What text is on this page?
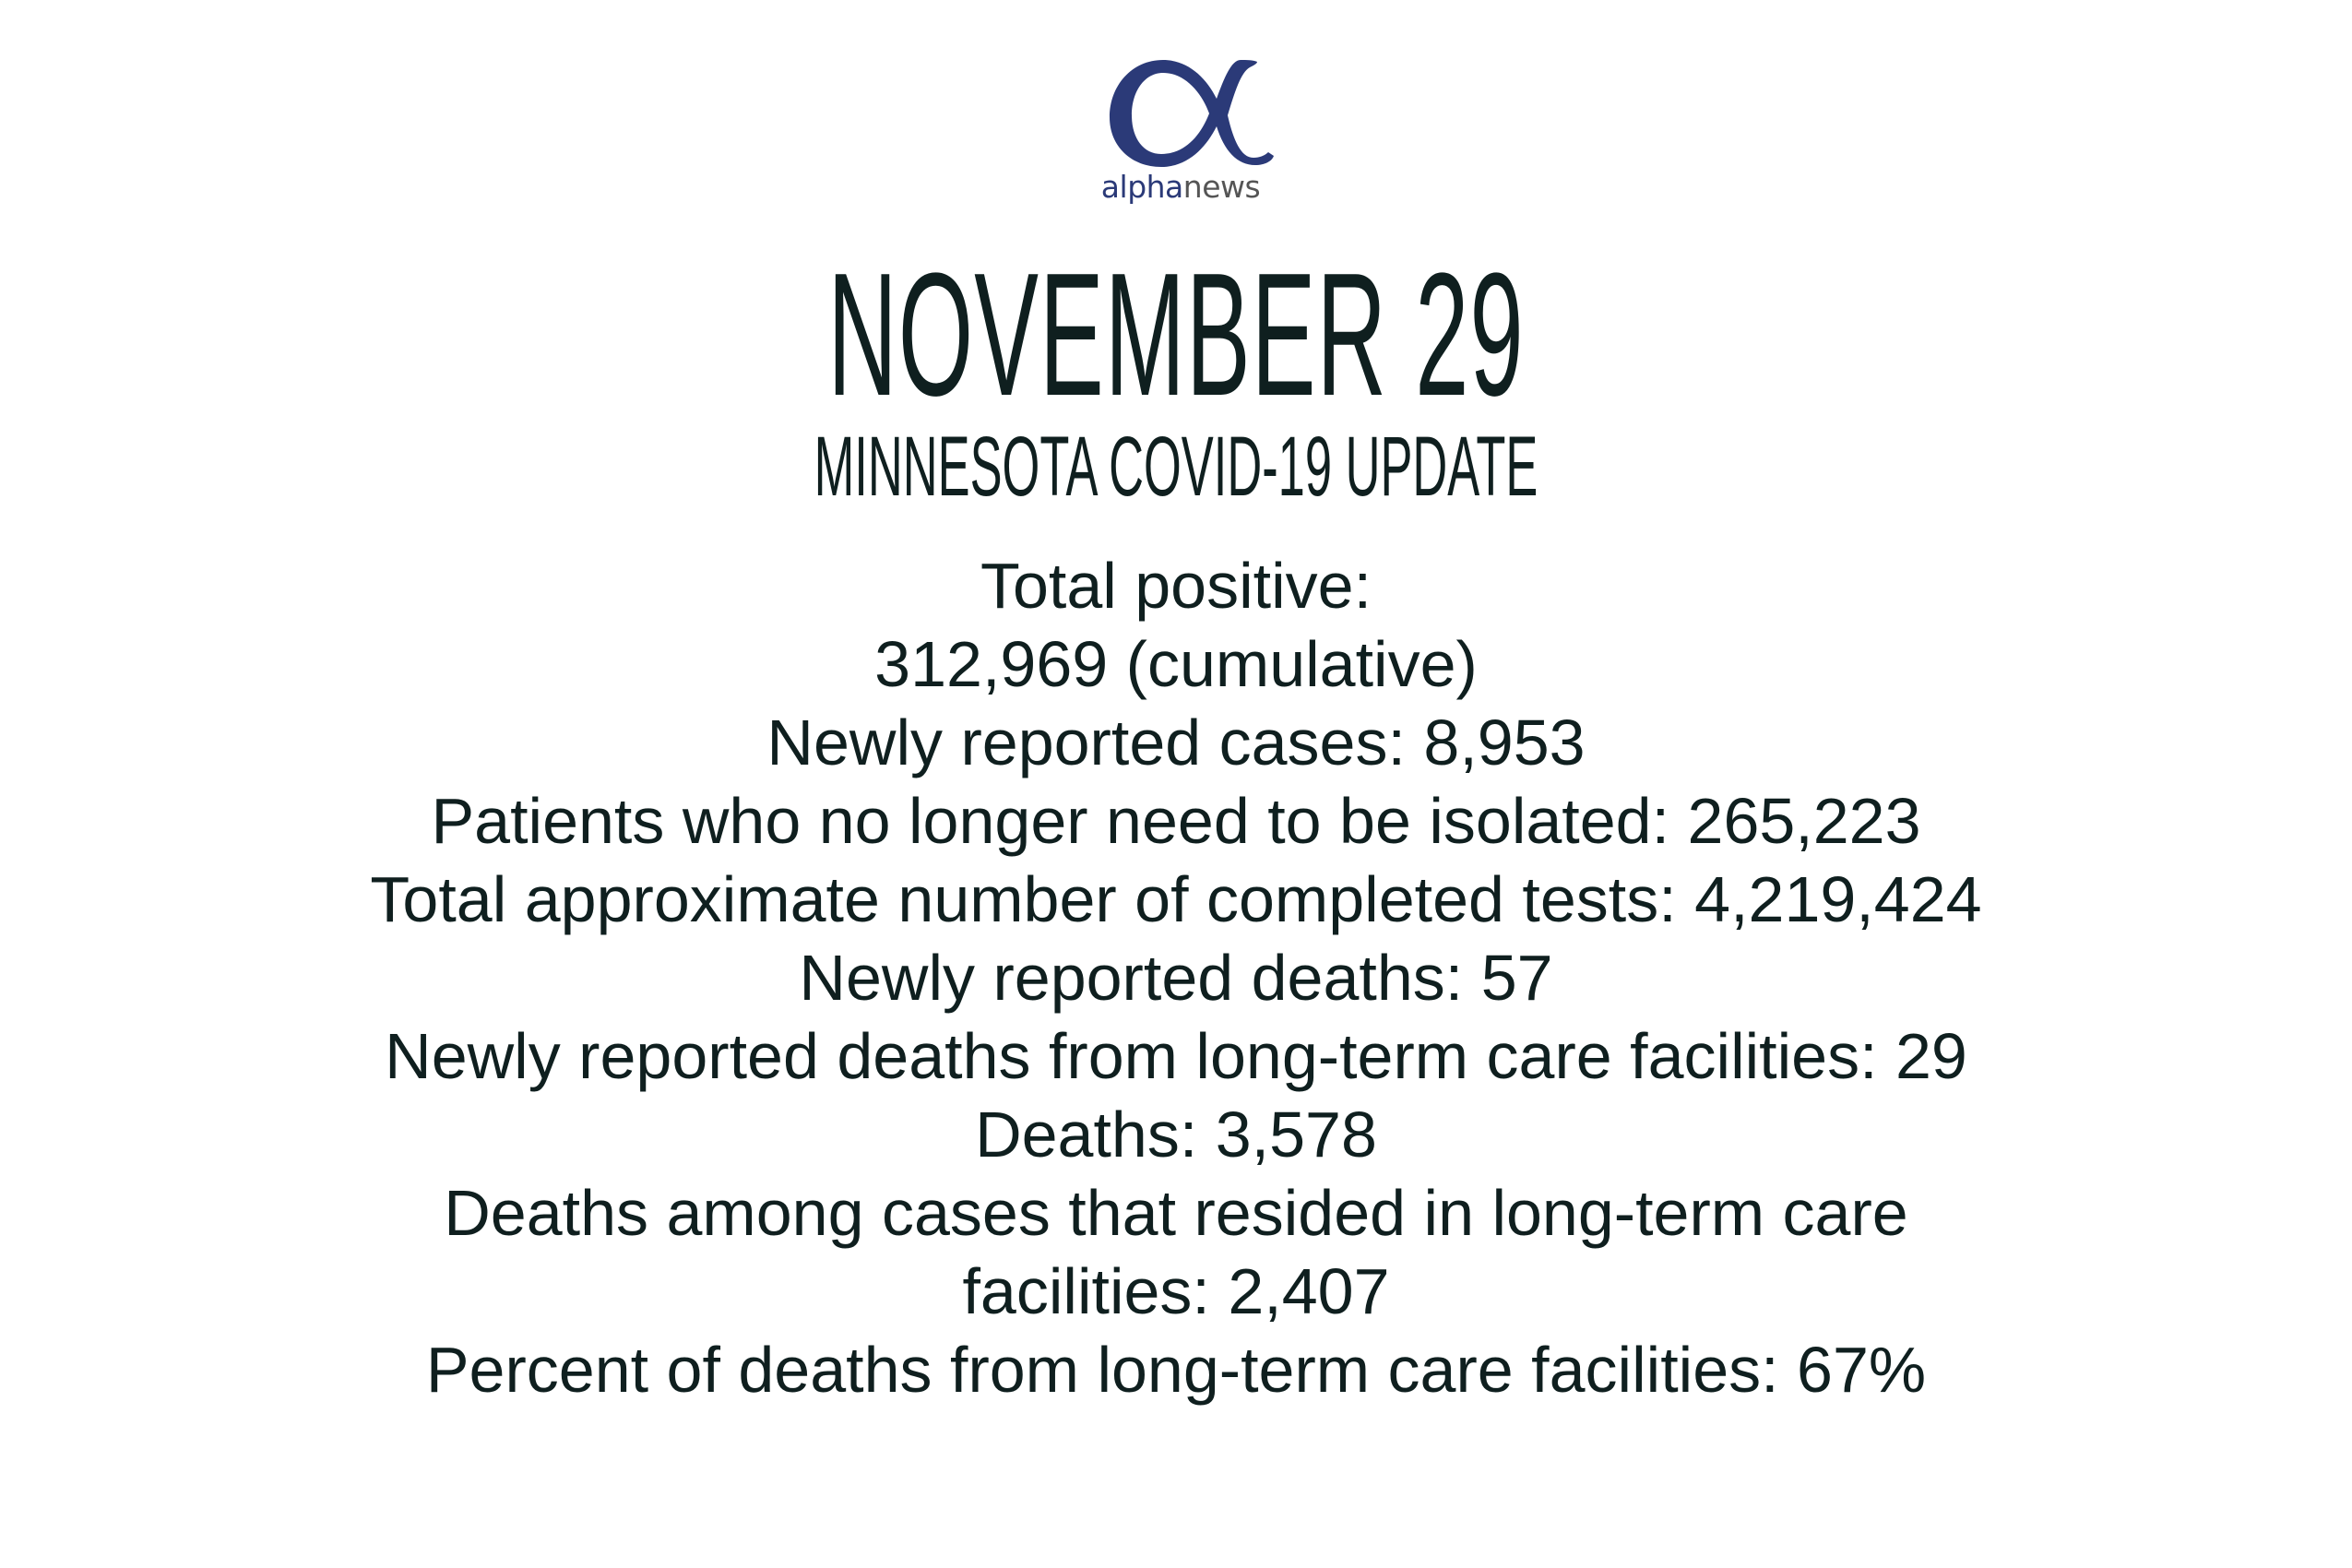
alphanews
NOVEMBER 29
MINNESOTA COVID-19 UPDATE
Total positive:
312,969 (cumulative)
Newly reported cases: 8,953
Patients who no longer need to be isolated: 265,223
Total approximate number of completed tests: 4,219,424
Newly reported deaths: 57
Newly reported deaths from long-term care facilities: 29
Deaths: 3,578
Deaths among cases that resided in long-term care
facilities: 2,407
Percent of deaths from long-term care facilities: 67%
